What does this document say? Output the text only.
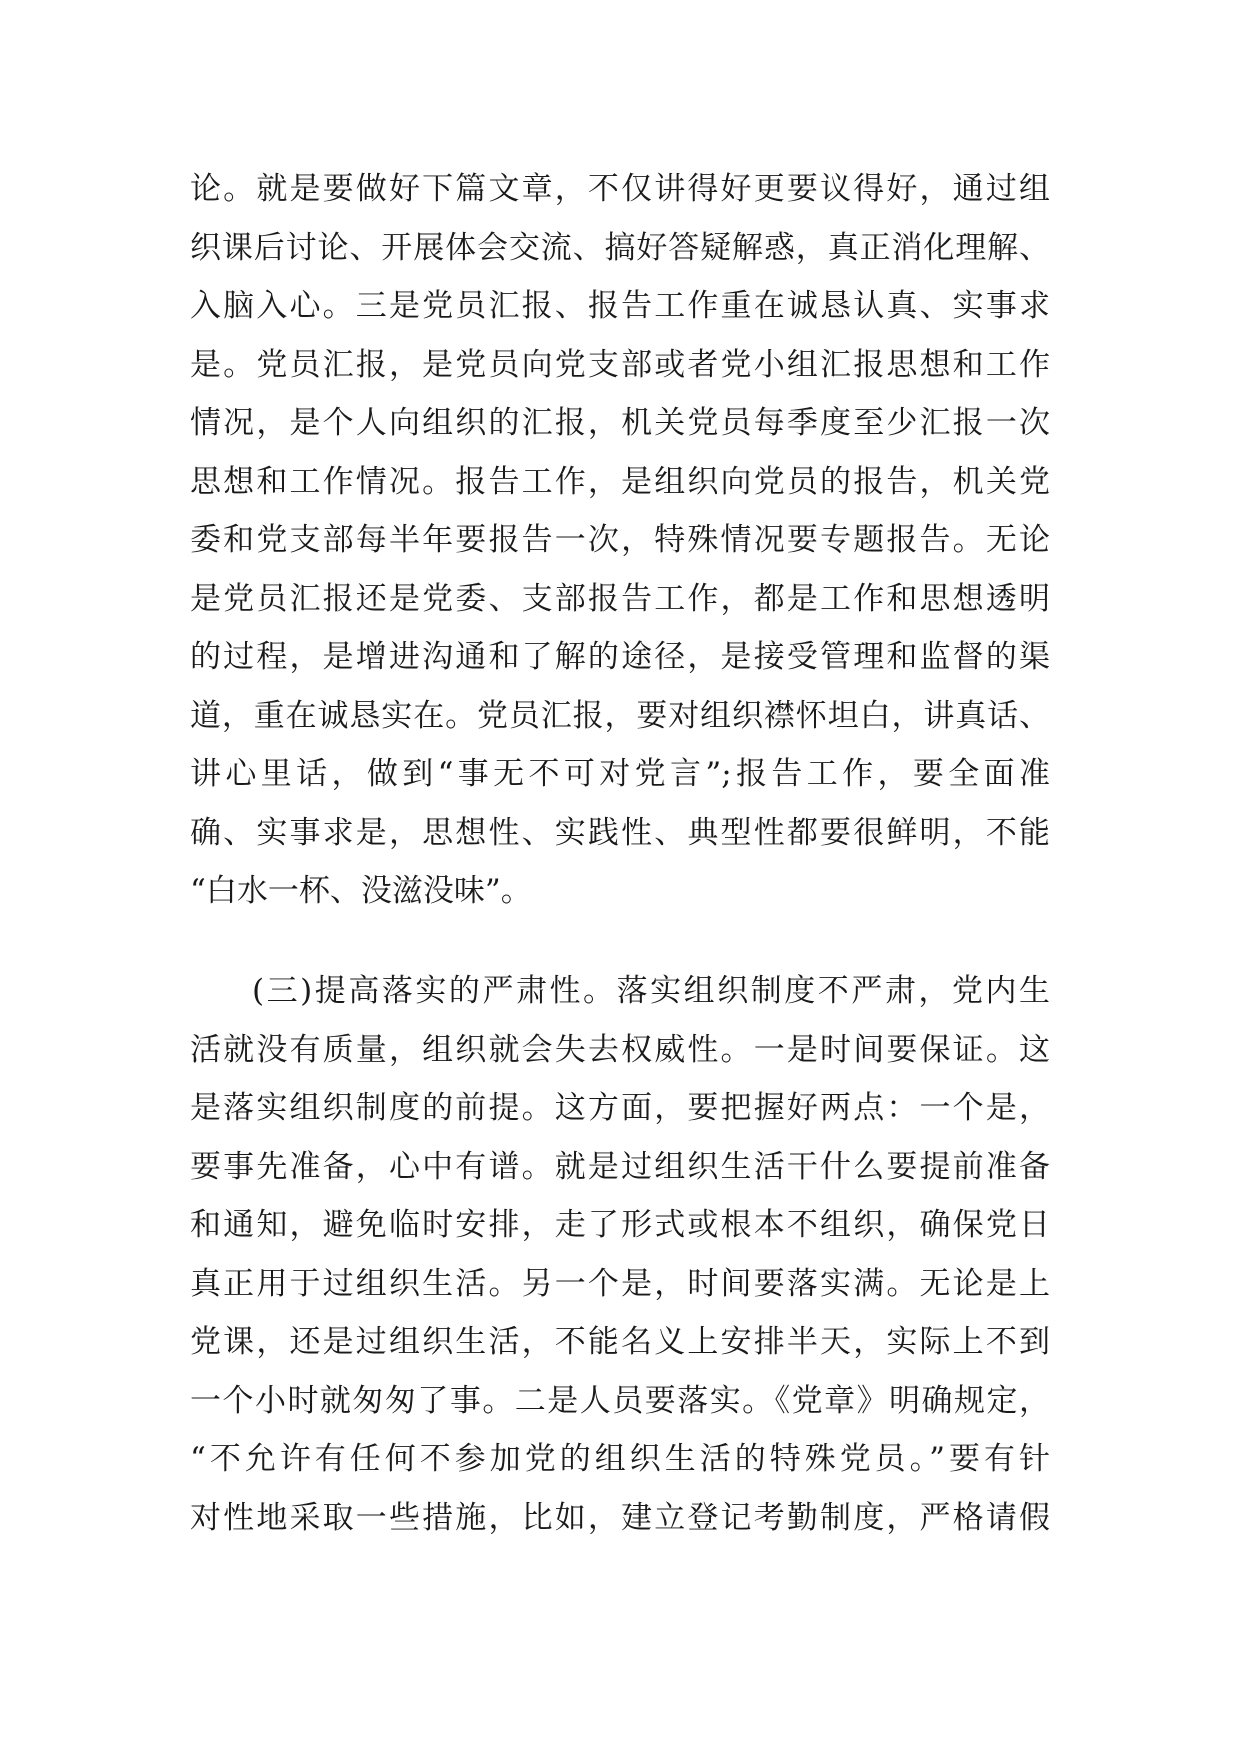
论。就是要做好下篇文章，不仅讲得好更要议得好，通过组
织课后讨论、开展体会交流、搞好答疑解惑，真正消化理解、
入脑入心。三是党员汇报、报告工作重在诚恳认真、实事求
是。党员汇报，是党员向党支部或者党小组汇报思想和工作
情况，是个人向组织的汇报，机关党员每季度至少汇报一次
思想和工作情况。报告工作，是组织向党员的报告，机关党
委和党支部每半年要报告一次，特殊情况要专题报告。无论
是党员汇报还是党委、支部报告工作，都是工作和思想透明
的过程，是增进沟通和了解的途径，是接受管理和监督的渠
道，重在诚恳实在。党员汇报，要对组织襟怀坦白，讲真话、
讲心里话，做到“事无不可对党言”;报告工作，要全面准
确、实事求是，思想性、实践性、典型性都要很鲜明，不能
“白水一杯、没滋没味”。
(三)提高落实的严肃性。落实组织制度不严肃，党内生
活就没有质量，组织就会失去权威性。一是时间要保证。这
是落实组织制度的前提。这方面，要把握好两点：一个是，
要事先准备，心中有谱。就是过组织生活干什么要提前准备
和通知，避免临时安排，走了形式或根本不组织，确保党日
真正用于过组织生活。另一个是，时间要落实满。无论是上
党课，还是过组织生活，不能名义上安排半天，实际上不到
一个小时就匆匆了事。二是人员要落实。《党章》明确规定，
“不允许有任何不参加党的组织生活的特殊党员。”要有针
对性地采取一些措施，比如，建立登记考勤制度，严格请假
